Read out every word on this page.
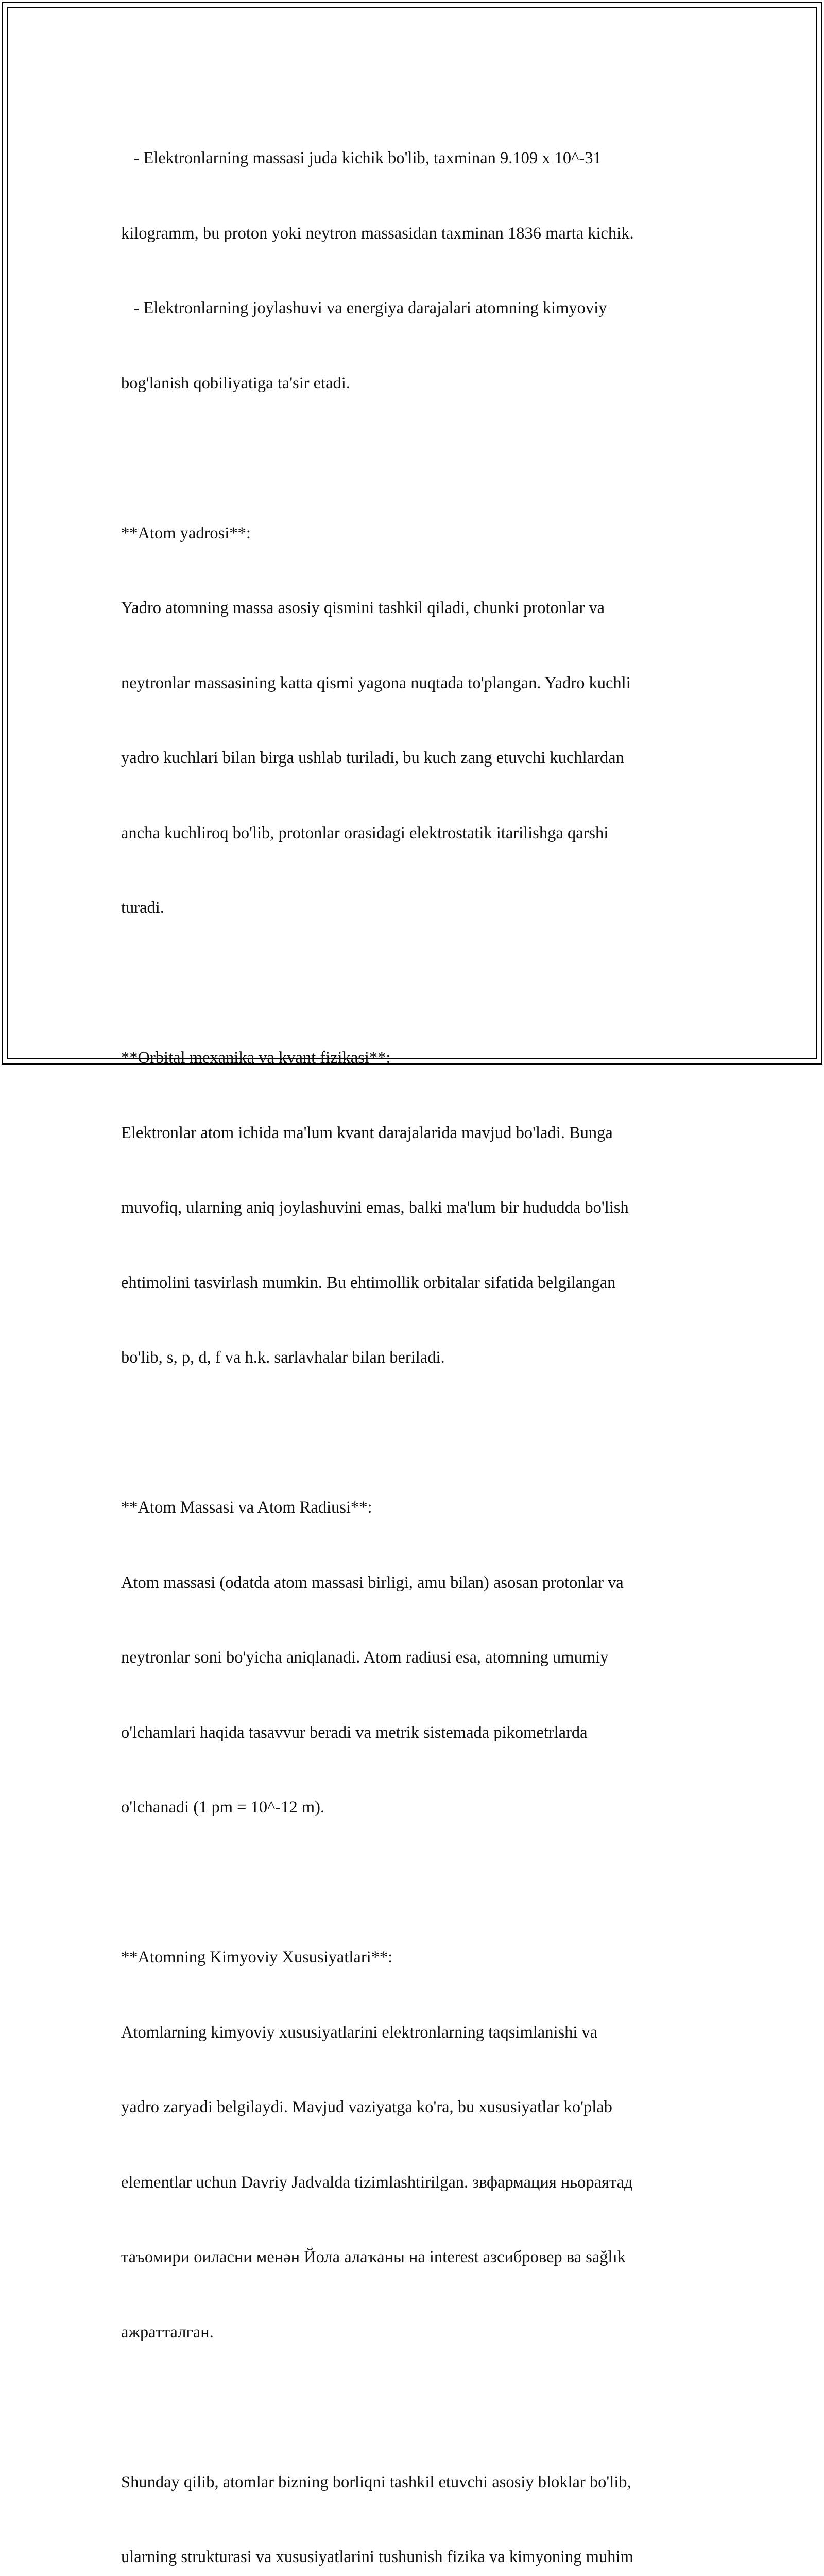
- Elektronlarning massasi juda kichik bo'lib, taxminan 9.109 x 10^-31

kilogramm, bu proton yoki neytron massasidan taxminan 1836 marta kichik.

- Elektronlarning joylashuvi va energiya darajalari atomning kimyoviy

bog'lanish qobiliyatiga ta'sir etadi.

**Atom yadrosi**:

Yadro atomning massa asosiy qismini tashkil qiladi, chunki protonlar va

neytronlar massasining katta qismi yagona nuqtada to'plangan. Yadro kuchli

yadro kuchlari bilan birga ushlab turiladi, bu kuch zang etuvchi kuchlardan

ancha kuchliroq bo'lib, protonlar orasidagi elektrostatik itarilishga qarshi

turadi.

**Orbital mexanika va kvant fizikasi**:

Elektronlar atom ichida ma'lum kvant darajalarida mavjud bo'ladi. Bunga

muvofiq, ularning aniq joylashuvini emas, balki ma'lum bir hududda bo'lish

ehtimolini tasvirlash mumkin. Bu ehtimollik orbitalar sifatida belgilangan

bo'lib, s, p, d, f va h.k. sarlavhalar bilan beriladi.

**Atom Massasi va Atom Radiusi**:

Atom massasi (odatda atom massasi birligi, amu bilan) asosan protonlar va

neytronlar soni bo'yicha aniqlanadi. Atom radiusi esa, atomning umumiy

o'lchamlari haqida tasavvur beradi va metrik sistemada pikometrlarda

o'lchanadi (1 pm = 10^-12 m).

**Atomning Kimyoviy Xususiyatlari**:

Atomlarning kimyoviy xususiyatlarini elektronlarning taqsimlanishi va

yadro zaryadi belgilaydi. Mavjud vaziyatga ko'ra, bu xususiyatlar ko'plab

elementlar uchun Davriy Jadvalda tizimlashtirilgan. звфармация ньораятад

таъомири оиласни менән Йола алаҡаны на interest азсибровер ва sağlık

ажратталган.

Shunday qilib, atomlar bizning borliqni tashkil etuvchi asosiy bloklar bo'lib,

ularning strukturasi va xususiyatlarini tushunish fizika va kimyoning muhim
